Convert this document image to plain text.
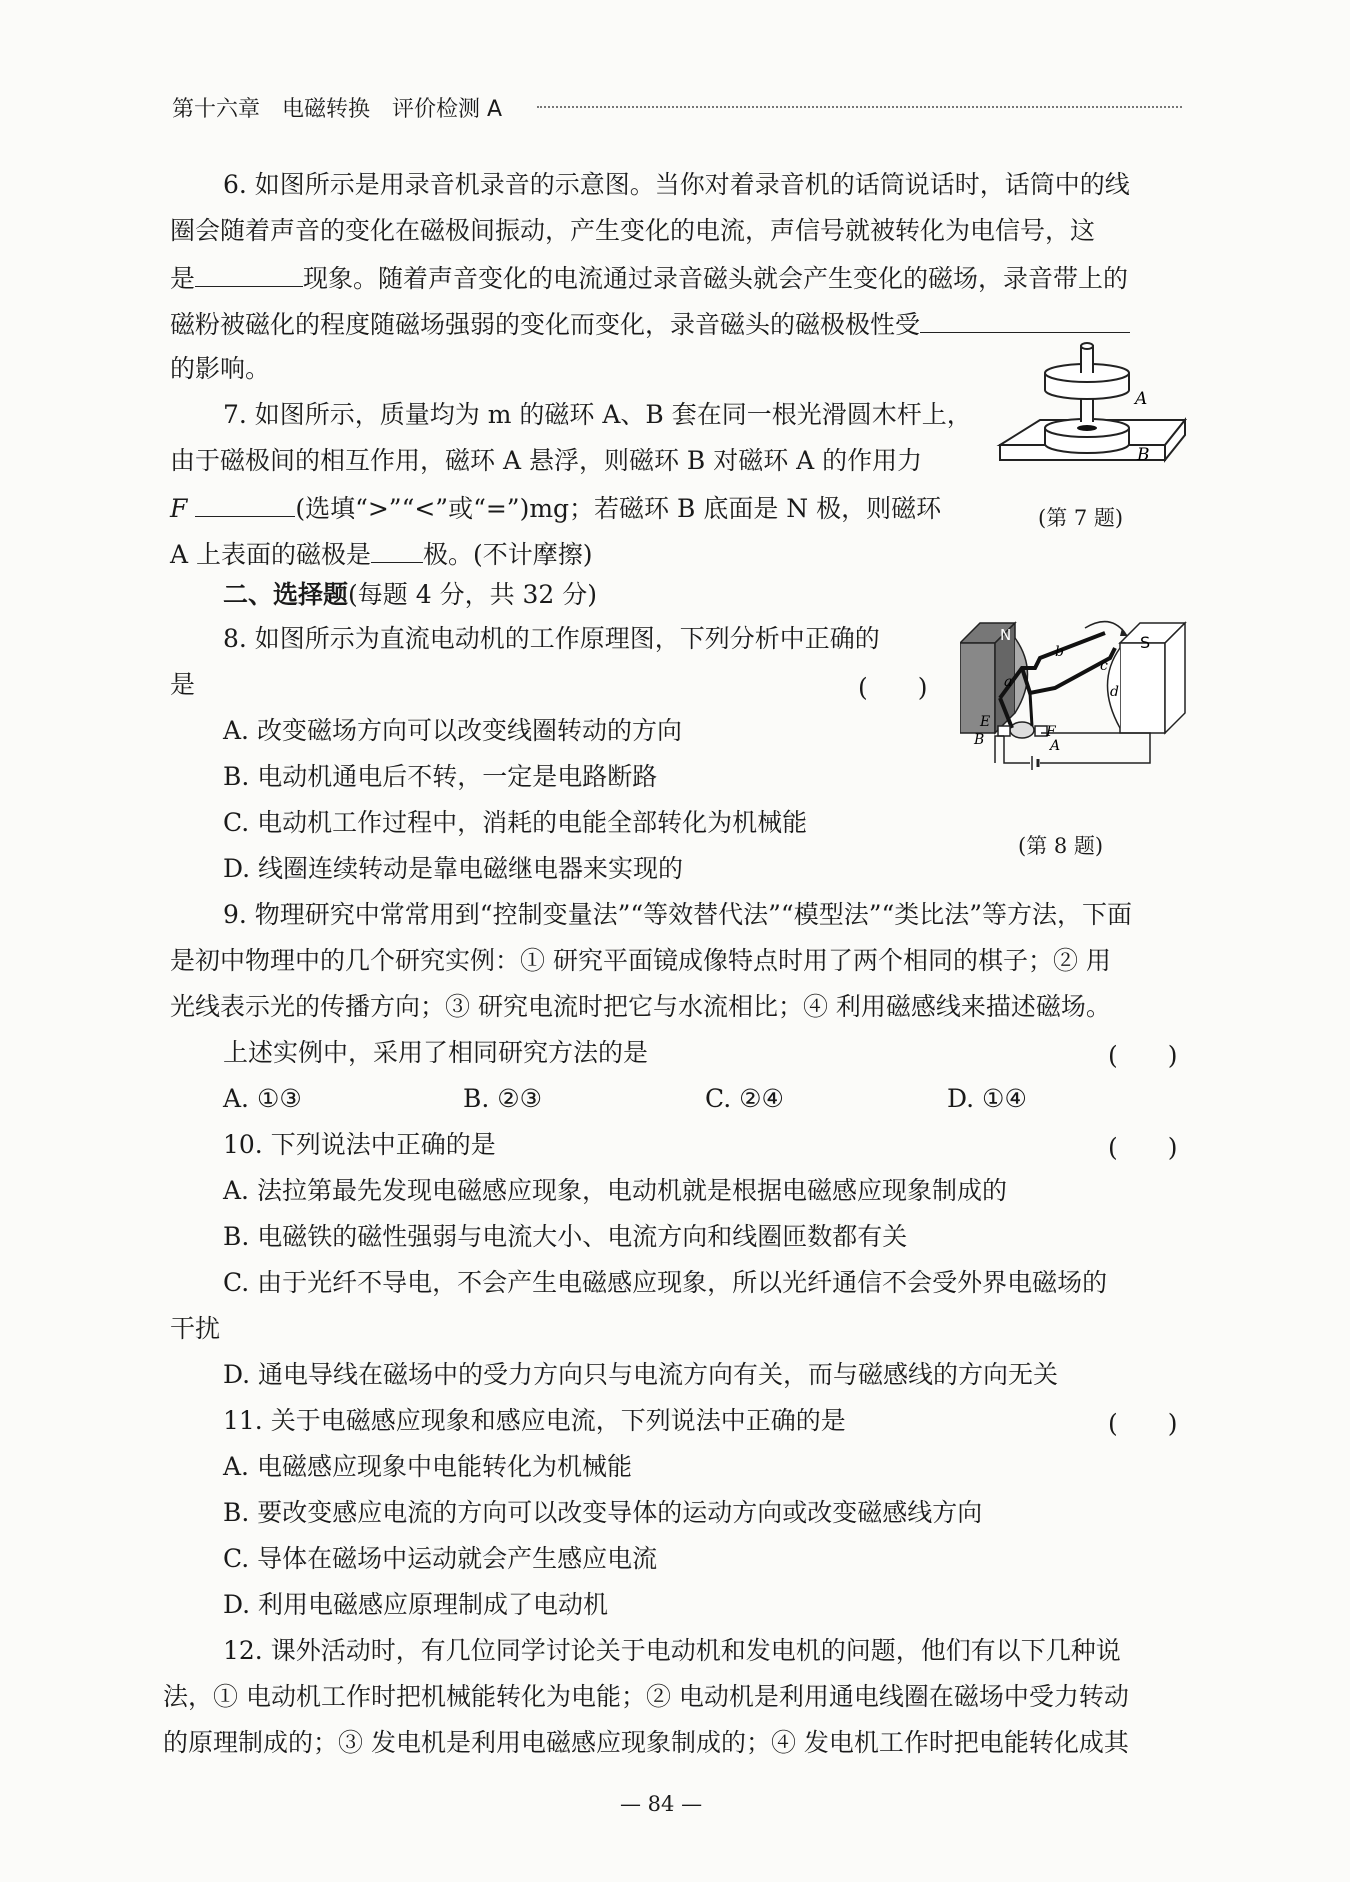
第十六章　电磁转换　评价检测 A
6. 如图所示是用录音机录音的示意图。当你对着录音机的话筒说话时，话筒中的线
圈会随着声音的变化在磁极间振动，产生变化的电流，声信号就被转化为电信号，这
是	现象。随着声音变化的电流通过录音磁头就会产生变化的磁场，录音带上的
磁粉被磁化的程度随磁场强弱的变化而变化，录音磁头的磁极极性受
的影响。
7. 如图所示，质量均为 m 的磁环 A、B 套在同一根光滑圆木杆上，
由于磁极间的相互作用，磁环 A 悬浮，则磁环 B 对磁环 A 的作用力
F	(选填“>”“<”或“=”)mg；若磁环 B 底面是 N 极，则磁环
A 上表面的磁极是 极。(不计摩擦)
A
B
(第 7 题)
二、选择题(每题 4 分，共 32 分)
8. 如图所示为直流电动机的工作原理图，下列分析中正确的
是	(　　)
A. 改变磁场方向可以改变线圈转动的方向
B. 电动机通电后不转，一定是电路断路
C. 电动机工作过程中，消耗的电能全部转化为机械能
D. 线圈连续转动是靠电磁继电器来实现的
N	S
b
a
c
d
E
F
B	A
(第 8 题)
9. 物理研究中常常用到“控制变量法”“等效替代法”“模型法”“类比法”等方法，下面
是初中物理中的几个研究实例：① 研究平面镜成像特点时用了两个相同的棋子；② 用
光线表示光的传播方向；③ 研究电流时把它与水流相比；④ 利用磁感线来描述磁场。
上述实例中，采用了相同研究方法的是	(　　)
A. ①③	B. ②③	C. ②④	D. ①④
10. 下列说法中正确的是	(　　)
A. 法拉第最先发现电磁感应现象，电动机就是根据电磁感应现象制成的
B. 电磁铁的磁性强弱与电流大小、电流方向和线圈匝数都有关
C. 由于光纤不导电，不会产生电磁感应现象，所以光纤通信不会受外界电磁场的
干扰
D. 通电导线在磁场中的受力方向只与电流方向有关，而与磁感线的方向无关
11. 关于电磁感应现象和感应电流，下列说法中正确的是	(　　)
A. 电磁感应现象中电能转化为机械能
B. 要改变感应电流的方向可以改变导体的运动方向或改变磁感线方向
C. 导体在磁场中运动就会产生感应电流
D. 利用电磁感应原理制成了电动机
12. 课外活动时，有几位同学讨论关于电动机和发电机的问题，他们有以下几种说
法，① 电动机工作时把机械能转化为电能；② 电动机是利用通电线圈在磁场中受力转动
的原理制成的；③ 发电机是利用电磁感应现象制成的；④ 发电机工作时把电能转化成其
— 84 —
